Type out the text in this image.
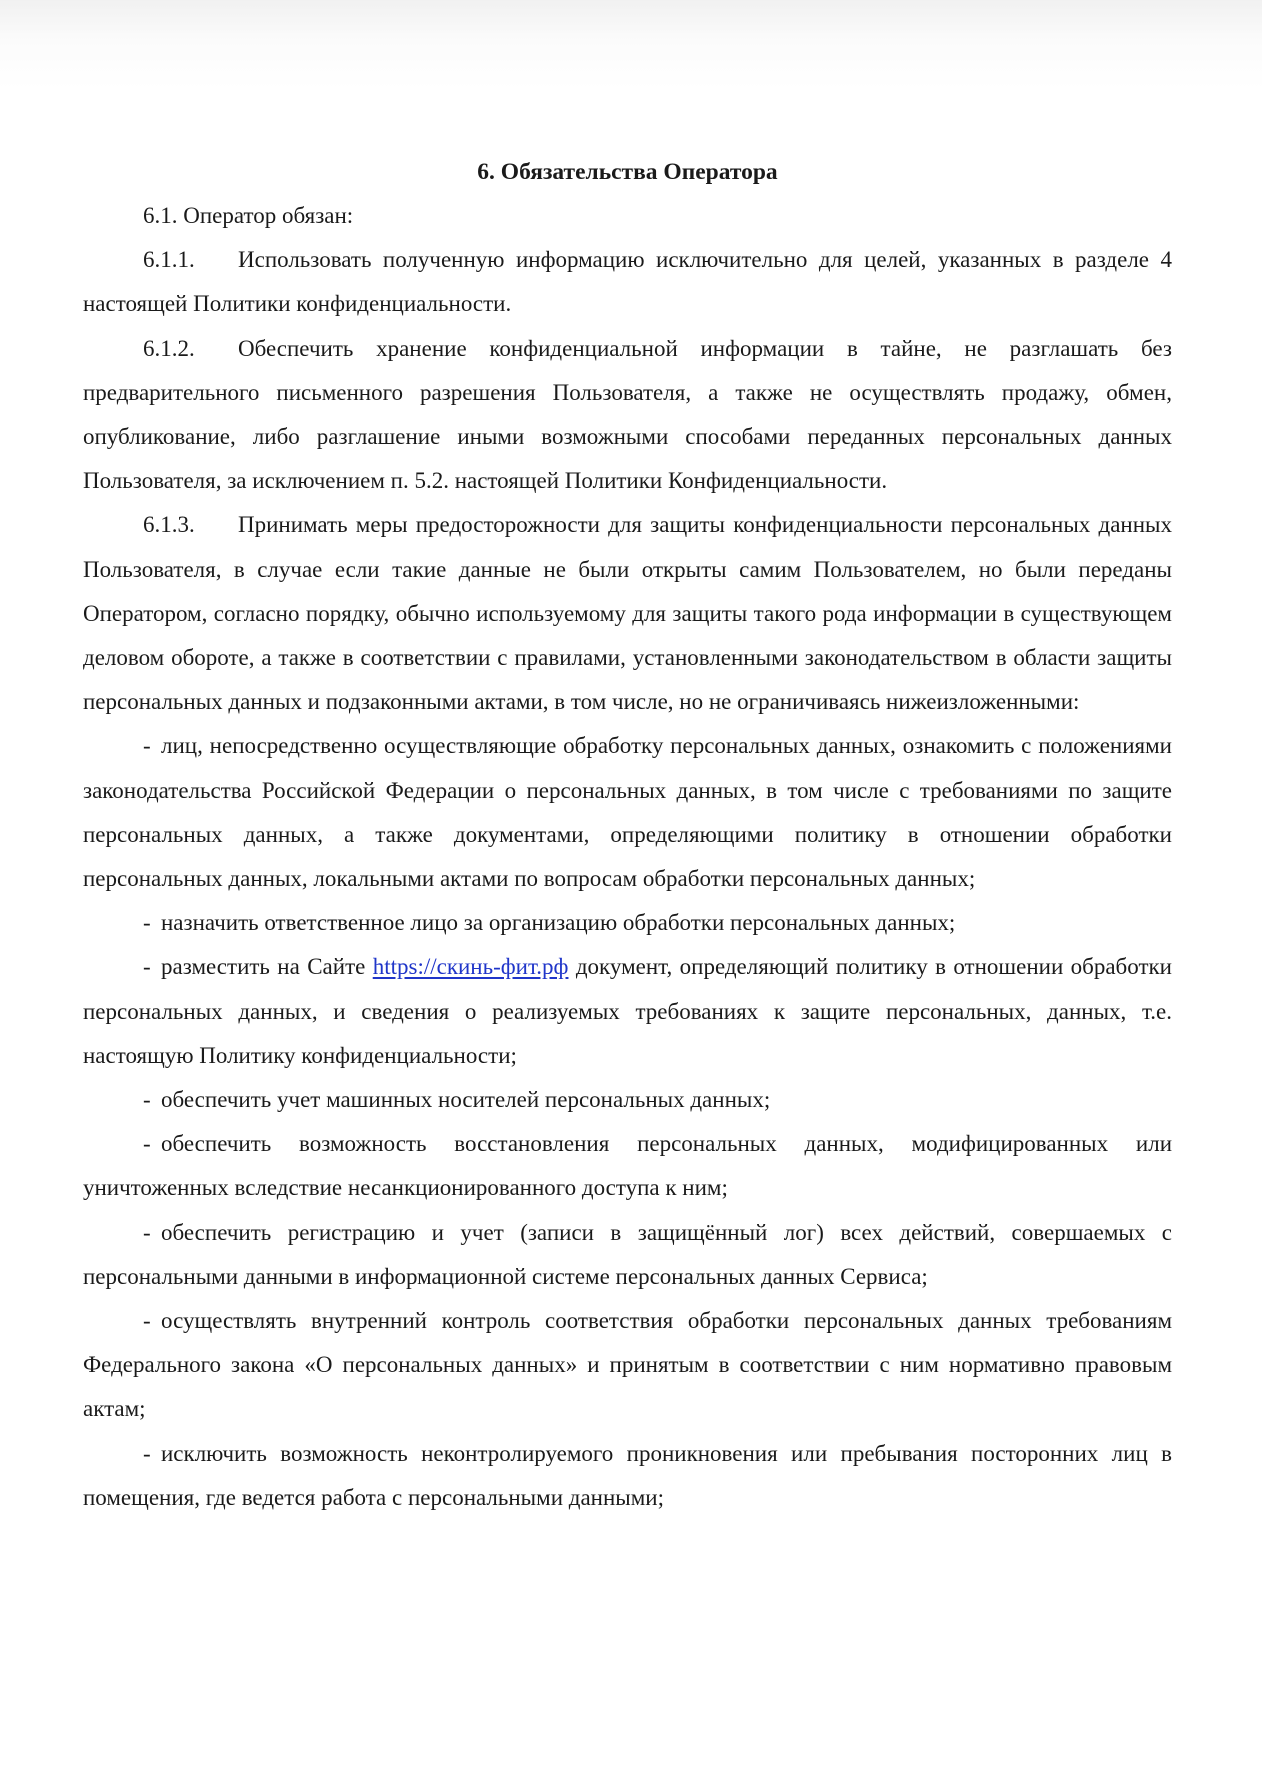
6. Обязательства Оператора

6.1. Оператор обязан:

6.1.1. Использовать полученную информацию исключительно для целей, указанных в разделе 4 настоящей Политики конфиденциальности.

6.1.2. Обеспечить хранение конфиденциальной информации в тайне, не разглашать без предварительного письменного разрешения Пользователя, а также не осуществлять продажу, обмен, опубликование, либо разглашение иными возможными способами переданных персональных данных Пользователя, за исключением п. 5.2. настоящей Политики Конфиденциальности.

6.1.3. Принимать меры предосторожности для защиты конфиденциальности персональных данных Пользователя, в случае если такие данные не были открыты самим Пользователем, но были переданы Оператором, согласно порядку, обычно используемому для защиты такого рода информации в существующем деловом обороте, а также в соответствии с правилами, установленными законодательством в области защиты персональных данных и подзаконными актами, в том числе, но не ограничиваясь нижеизложенными:

- лиц, непосредственно осуществляющие обработку персональных данных, ознакомить с положениями законодательства Российской Федерации о персональных данных, в том числе с требованиями по защите персональных данных, а также документами, определяющими политику в отношении обработки персональных данных, локальными актами по вопросам обработки персональных данных;

- назначить ответственное лицо за организацию обработки персональных данных;

- разместить на Сайте https://скинь-фит.рф документ, определяющий политику в отношении обработки персональных данных, и сведения о реализуемых требованиях к защите персональных, данных, т.е. настоящую Политику конфиденциальности;

- обеспечить учет машинных носителей персональных данных;

- обеспечить возможность восстановления персональных данных, модифицированных или уничтоженных вследствие несанкционированного доступа к ним;

- обеспечить регистрацию и учет (записи в защищённый лог) всех действий, совершаемых с персональными данными в информационной системе персональных данных Сервиса;

- осуществлять внутренний контроль соответствия обработки персональных данных требованиям Федерального закона «О персональных данных» и принятым в соответствии с ним нормативно правовым актам;

- исключить возможность неконтролируемого проникновения или пребывания посторонних лиц в помещения, где ведется работа с персональными данными;
